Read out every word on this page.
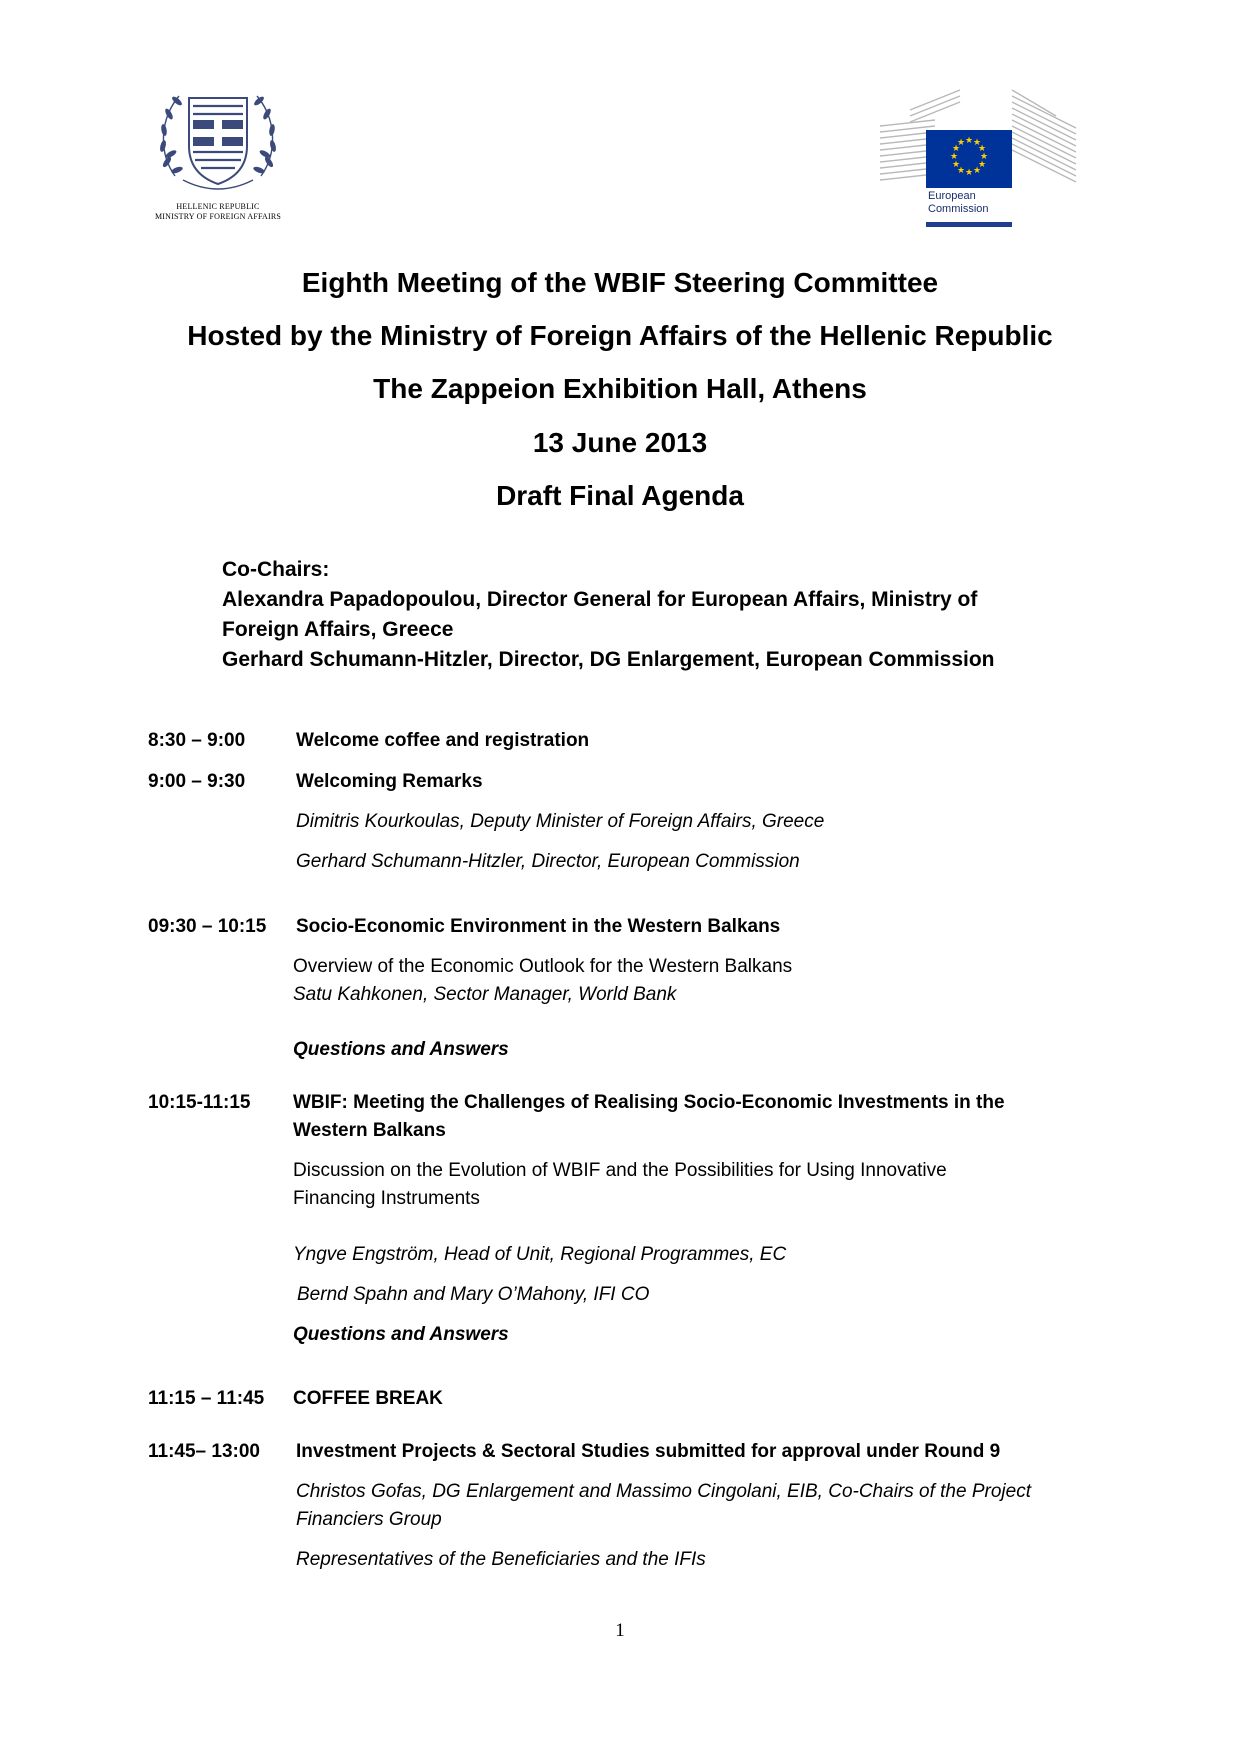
HELLENIC REPUBLIC
MINISTRY OF FOREIGN AFFAIRS
★ ★
★
★
★
★
★
★
★
★
★
★
European
Commission
Eighth Meeting of the WBIF Steering Committee
Hosted by the Ministry of Foreign Affairs of the Hellenic Republic
The Zappeion Exhibition Hall, Athens
13 June 2013
Draft Final Agenda
Co-Chairs:
Alexandra Papadopoulou, Director General for European Affairs, Ministry of
Foreign Affairs, Greece
Gerhard Schumann-Hitzler, Director, DG Enlargement, European Commission
8:30 – 9:00	Welcome coffee and registration
9:00 – 9:30	Welcoming Remarks
Dimitris Kourkoulas, Deputy Minister of Foreign Affairs, Greece
Gerhard Schumann-Hitzler, Director, European Commission
09:30 – 10:15 Socio-Economic Environment in the Western Balkans
Overview of the Economic Outlook for the Western Balkans
Satu Kahkonen, Sector Manager, World Bank
Questions and Answers
10:15-11:15 WBIF: Meeting the Challenges of Realising Socio-Economic Investments in the
Western Balkans
Discussion on the Evolution of WBIF and the Possibilities for Using Innovative
Financing Instruments
Yngve Engström, Head of Unit, Regional Programmes, EC
Bernd Spahn and Mary O’Mahony, IFI CO
Questions and Answers
11:15 – 11:45 COFFEE BREAK
11:45– 13:00 Investment Projects & Sectoral Studies submitted for approval under Round 9
Christos Gofas, DG Enlargement and Massimo Cingolani, EIB, Co-Chairs of the Project
Financiers Group
Representatives of the Beneficiaries and the IFIs
1
